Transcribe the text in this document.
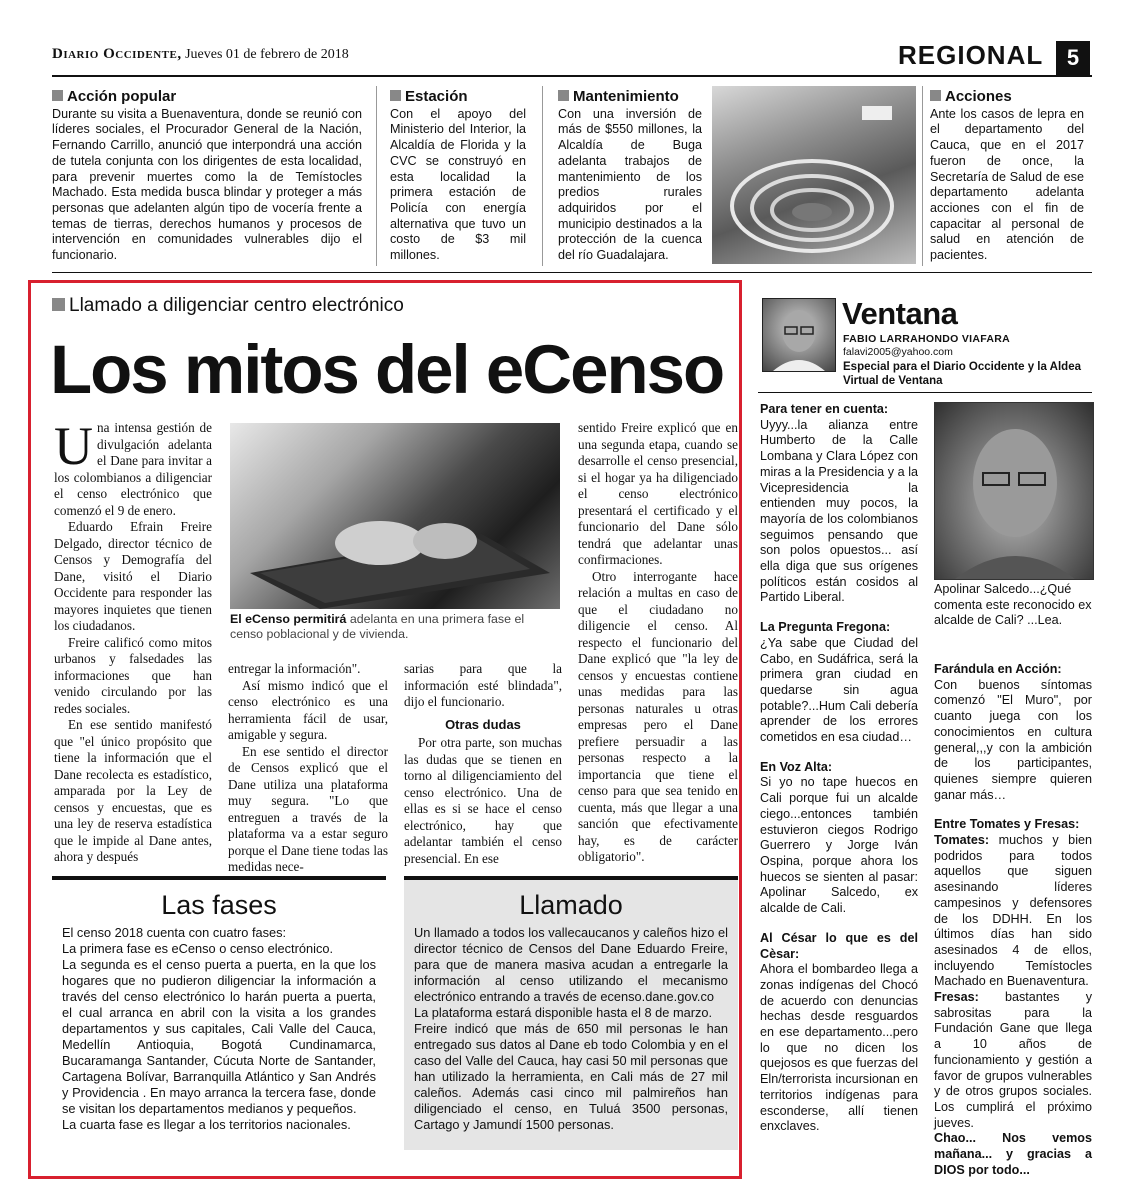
Diario Occidente, Jueves 01 de febrero de 2018	REGIONAL	5
Acción popular
Durante su visita a Buenaventura, donde se reunió con líderes sociales, el Procurador General de la Nación, Fernando Carrillo, anunció que interpondrá una acción de tutela conjunta con los dirigentes de esta localidad, para prevenir muertes como la de Temístocles Machado. Esta medida busca blindar y proteger a más personas que adelanten algún tipo de vocería frente a temas de tierras, derechos humanos y procesos de intervención en comunidades vulnerables dijo el funcionario.
Estación
Con el apoyo del Ministerio del Interior, la Alcaldía de Florida y la CVC se construyó en esta localidad la primera estación de Policía con energía alternativa que tuvo un costo de $3 mil millones.
Mantenimiento
Con una inversión de más de $550 millones, la Alcaldía de Buga adelanta trabajos de mantenimiento de los predios rurales adquiridos por el municipio destinados a la protección de la cuenca del río Guadalajara.
Acciones
Ante los casos de lepra en el departamento del Cauca, que en el 2017 fueron de once, la Secretaría de Salud de ese departamento adelanta acciones con el fin de capacitar al personal de salud en atención de pacientes.
Llamado a diligenciar centro electrónico
Los mitos del eCenso

Una intensa gestión de divulgación adelanta el Dane para invitar a los colombianos a diligenciar el censo electrónico que comenzó el 9 de enero.

Eduardo Efrain Freire Delgado, director técnico de Censos y Demografía del Dane, visitó el Diario Occidente para responder las mayores inquietes que tienen los ciudadanos.

Freire calificó como mitos urbanos y falsedades las informaciones que han venido circulando por las redes sociales.

En ese sentido manifestó que "el único propósito que tiene la información que el Dane recolecta es estadístico, amparada por la Ley de censos y encuestas, que es una ley de reserva estadística que le impide al Dane antes, ahora y después

El eCenso permitirá adelanta en una primera fase el censo poblacional y de vivienda.

entregar la información".

Así mismo indicó que el censo electrónico es una herramienta fácil de usar, amigable y segura.

En ese sentido el director de Censos explicó que el Dane utiliza una plataforma muy segura. "Lo que entreguen a través de la plataforma va a estar seguro porque el Dane tiene todas las medidas nece-

sarias para que la información esté blindada", dijo el funcionario.

Otras dudas

Por otra parte, son muchas las dudas que se tienen en torno al diligenciamiento del censo electrónico. Una de ellas es si se hace el censo electrónico, hay que adelantar también el censo presencial. En ese

sentido Freire explicó que en una segunda etapa, cuando se desarrolle el censo presencial, si el hogar ya ha diligenciado el censo electrónico presentará el certificado y el funcionario del Dane sólo tendrá que adelantar unas confirmaciones.

Otro interrogante hace relación a multas en caso de que el ciudadano no diligencie el censo. Al respecto el funcionario del Dane explicó que "la ley de censos y encuestas contiene unas medidas para las personas naturales u otras empresas pero el Dane prefiere persuadir a las personas respecto a la importancia que tiene el censo para que sea tenido en cuenta, más que llegar a una sanción que efectivamente hay, es de carácter obligatorio".

Las fases
El censo 2018 cuenta con cuatro fases:
La primera fase es eCenso o censo electrónico.
La segunda es el censo puerta a puerta, en la que los hogares que no pudieron diligenciar la información a través del censo electrónico lo harán puerta a puerta, el cual arranca en abril con la visita a los grandes departamentos y sus capitales, Cali Valle del Cauca, Medellín Antioquia, Bogotá Cundinamarca, Bucaramanga Santander, Cúcuta Norte de Santander, Cartagena Bolívar, Barranquilla Atlántico y San Andrés y Providencia . En mayo arranca la tercera fase, donde se visitan los departamentos medianos y pequeños.
La cuarta fase es llegar a los territorios nacionales.
Llamado
Un llamado a todos los vallecaucanos y caleños hizo el director técnico de Censos del Dane Eduardo Freire, para que de manera masiva acudan a entregarle la información al censo utilizando el mecanismo electrónico entrando a través de ecenso.dane.gov.co
La plataforma estará disponible hasta el 8 de marzo.
Freire indicó que más de 650 mil personas le han entregado sus datos al Dane eb todo Colombia y en el caso del Valle del Cauca, hay casi 50 mil personas que han utilizado la herramienta, en Cali más de 27 mil caleños. Además casi cinco mil palmireños han diligenciado el censo, en Tuluá 3500 personas, Cartago y Jamundí 1500 personas.
Ventana
FABIO LARRAHONDO VIAFARA
falavi2005@yahoo.com
Especial para el Diario Occidente y la Aldea Virtual de Ventana
Para tener en cuenta:
Uyyy...la alianza entre Humberto de la Calle Lombana y Clara López con miras a la Presidencia y a la Vicepresidencia la entienden muy pocos, la mayoría de los colombianos seguimos pensando que son polos opuestos... así ella diga que sus orígenes políticos están cosidos al Partido Liberal.
La Pregunta Fregona:
¿Ya sabe que Ciudad del Cabo, en Sudáfrica, será la primera gran ciudad en quedarse sin agua potable?...Hum Cali debería aprender de los errores cometidos en esa ciudad…
En Voz Alta:
Si yo no tape huecos en Cali porque fui un alcalde ciego...entonces también estuvieron ciegos Rodrigo Guerrero y Jorge Iván Ospina, porque ahora los huecos se sienten al pasar: Apolinar Salcedo, ex alcalde de Cali.
Al César lo que es del Cèsar:
Ahora el bombardeo llega a zonas indígenas del Chocó de acuerdo con denuncias hechas desde resguardos en ese departamento...pero lo que no dicen los quejosos es que fuerzas del Eln/terrorista incursionan en territorios indígenas para esconderse, allí tienen enxclaves.
Apolinar Salcedo...¿Qué comenta este reconocido ex alcalde de Cali? ...Lea.
Farándula en Acción:
Con buenos síntomas comenzó "El Muro", por cuanto juega con los conocimientos en cultura general,,,y con la ambición de los participantes, quienes siempre quieren ganar más…
Entre Tomates y Fresas:
Tomates: muchos y bien podridos para todos aquellos que siguen asesinando líderes campesinos y defensores de los DDHH. En los últimos días han sido asesinados 4 de ellos, incluyendo Temístocles Machado en Buenaventura.
Fresas: bastantes y sabrositas para la Fundación Gane que llega a 10 años de funcionamiento y gestión a favor de grupos vulnerables y de otros grupos sociales. Los cumplirá el próximo jueves.
Chao... Nos vemos mañana... y gracias a DIOS por todo...
